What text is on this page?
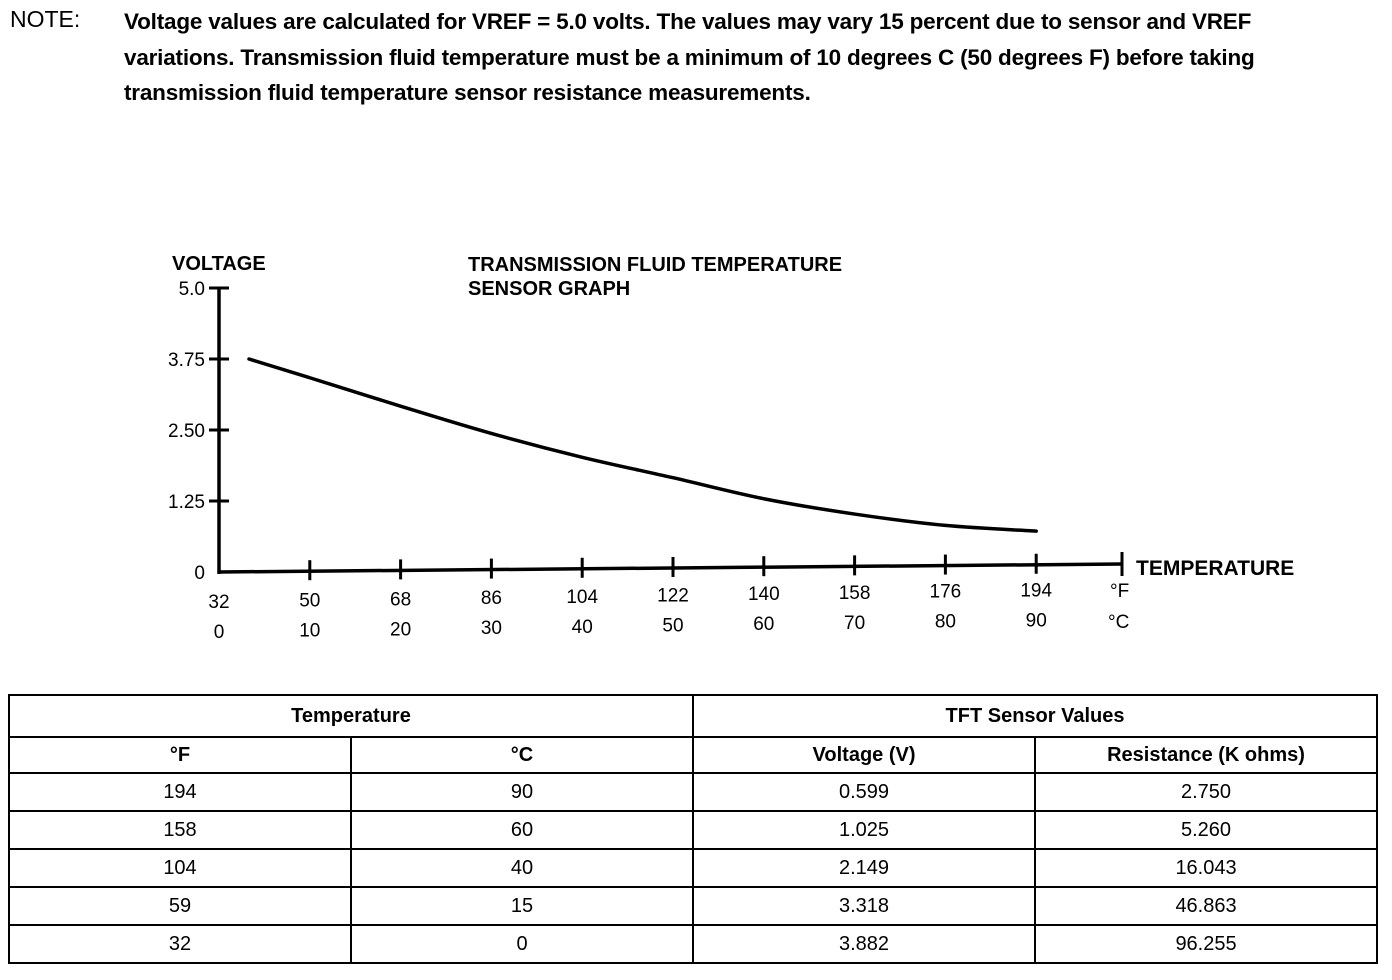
NOTE: Voltage values are calculated for VREF = 5.0 volts. The values may vary 15 percent due to sensor and VREF variations. Transmission fluid temperature must be a minimum of 10 degrees C (50 degrees F) before taking transmission fluid temperature sensor resistance measurements.
0
1.25
2.50
3.75
5.0
32
0
50
10
68
20
86
30
104
40
122
50
140
60
158
70
176
80
194
90
°F
°C
TEMPERATURE
VOLTAGE	TRANSMISSION FLUID TEMPERATURE
SENSOR GRAPH
Temperature		TFT Sensor Values	
°F	°C	Voltage (V)	Resistance (K ohms)
194	90	0.599	2.750
158	60	1.025	5.260
104	40	2.149	16.043
59	15	3.318	46.863
32	0	3.882	96.255
